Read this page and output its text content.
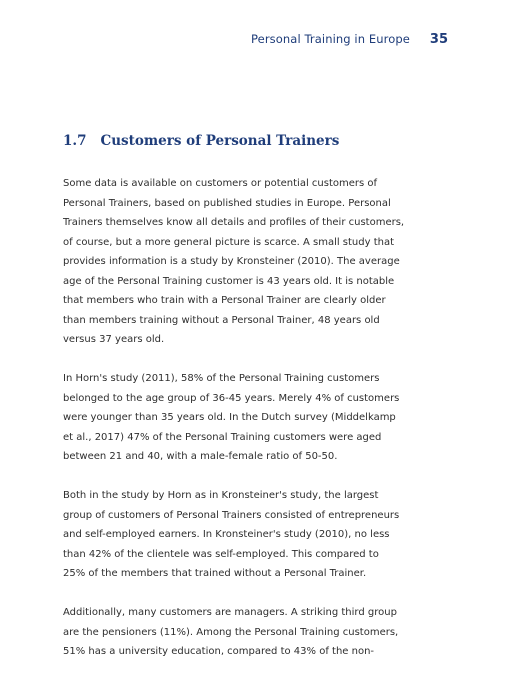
Personal Training in Europe 35
1.7 Customers of Personal Trainers

Some data is available on customers or potential customers of
Personal Trainers, based on published studies in Europe. Personal
Trainers themselves know all details and profiles of their customers,
of course, but a more general picture is scarce. A small study that
provides information is a study by Kronsteiner (2010). The average
age of the Personal Training customer is 43 years old. It is notable
that members who train with a Personal Trainer are clearly older
than members training without a Personal Trainer, 48 years old
versus 37 years old.

In Horn's study (2011), 58% of the Personal Training customers
belonged to the age group of 36-45 years. Merely 4% of customers
were younger than 35 years old. In the Dutch survey (Middelkamp
et al., 2017) 47% of the Personal Training customers were aged
between 21 and 40, with a male-female ratio of 50-50.

Both in the study by Horn as in Kronsteiner's study, the largest
group of customers of Personal Trainers consisted of entrepreneurs
and self-employed earners. In Kronsteiner's study (2010), no less
than 42% of the clientele was self-employed. This compared to
25% of the members that trained without a Personal Trainer.

Additionally, many customers are managers. A striking third group
are the pensioners (11%). Among the Personal Training customers,
51% has a university education, compared to 43% of the non-
